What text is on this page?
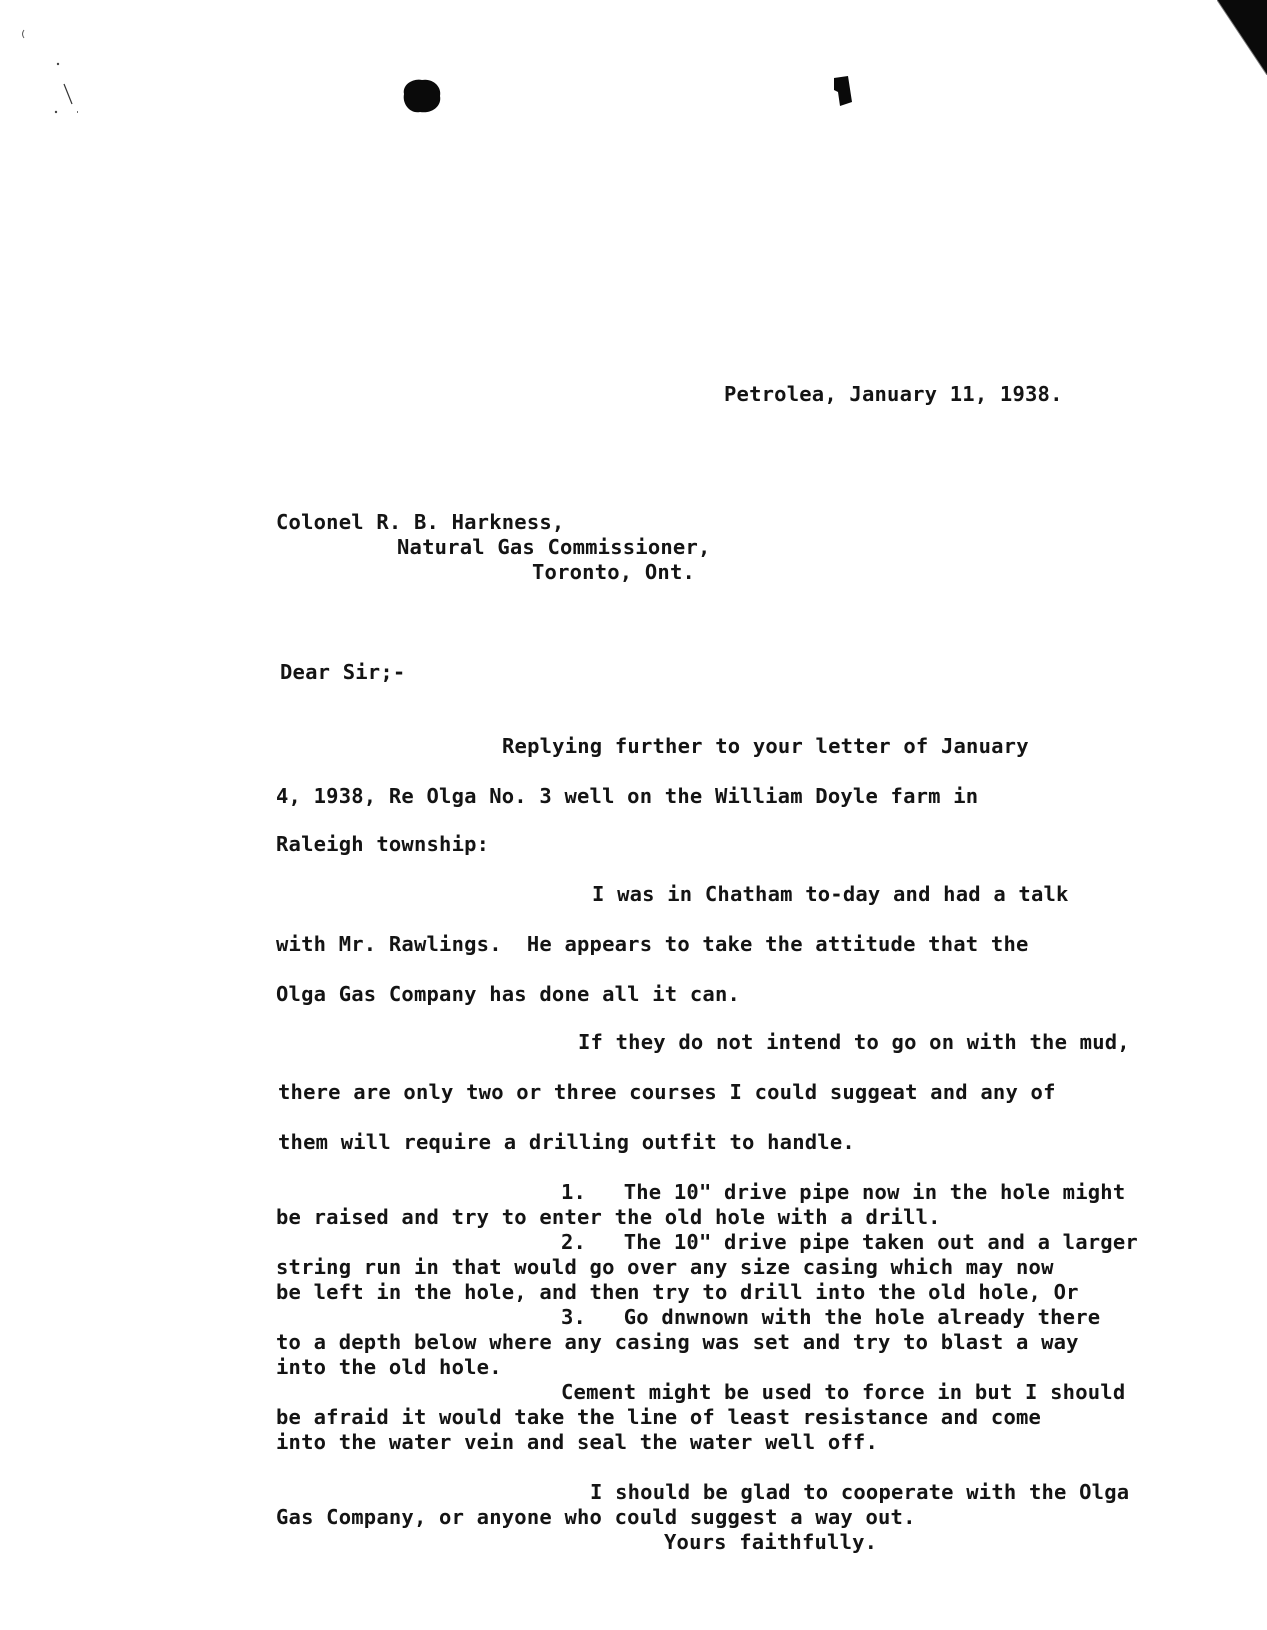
Petrolea, January 11, 1938.
Colonel R. B. Harkness,
Natural Gas Commissioner,
Toronto, Ont.
Dear Sir;-
Replying further to your letter of January
4, 1938, Re Olga No. 3 well on the William Doyle farm in
Raleigh township:
I was in Chatham to-day and had a talk
with Mr. Rawlings.  He appears to take the attitude that the
Olga Gas Company has done all it can.
If they do not intend to go on with the mud,
there are only two or three courses I could suggeat and any of
them will require a drilling outfit to handle.
1.   The 10" drive pipe now in the hole might
be raised and try to enter the old hole with a drill.
2.   The 10" drive pipe taken out and a larger
string run in that would go over any size casing which may now
be left in the hole, and then try to drill into the old hole, Or
3.   Go dnwnown with the hole already there
to a depth below where any casing was set and try to blast a way
into the old hole.
Cement might be used to force in but I should
be afraid it would take the line of least resistance and come
into the water vein and seal the water well off.
I should be glad to cooperate with the Olga
Gas Company, or anyone who could suggest a way out.
Yours faithfully.
